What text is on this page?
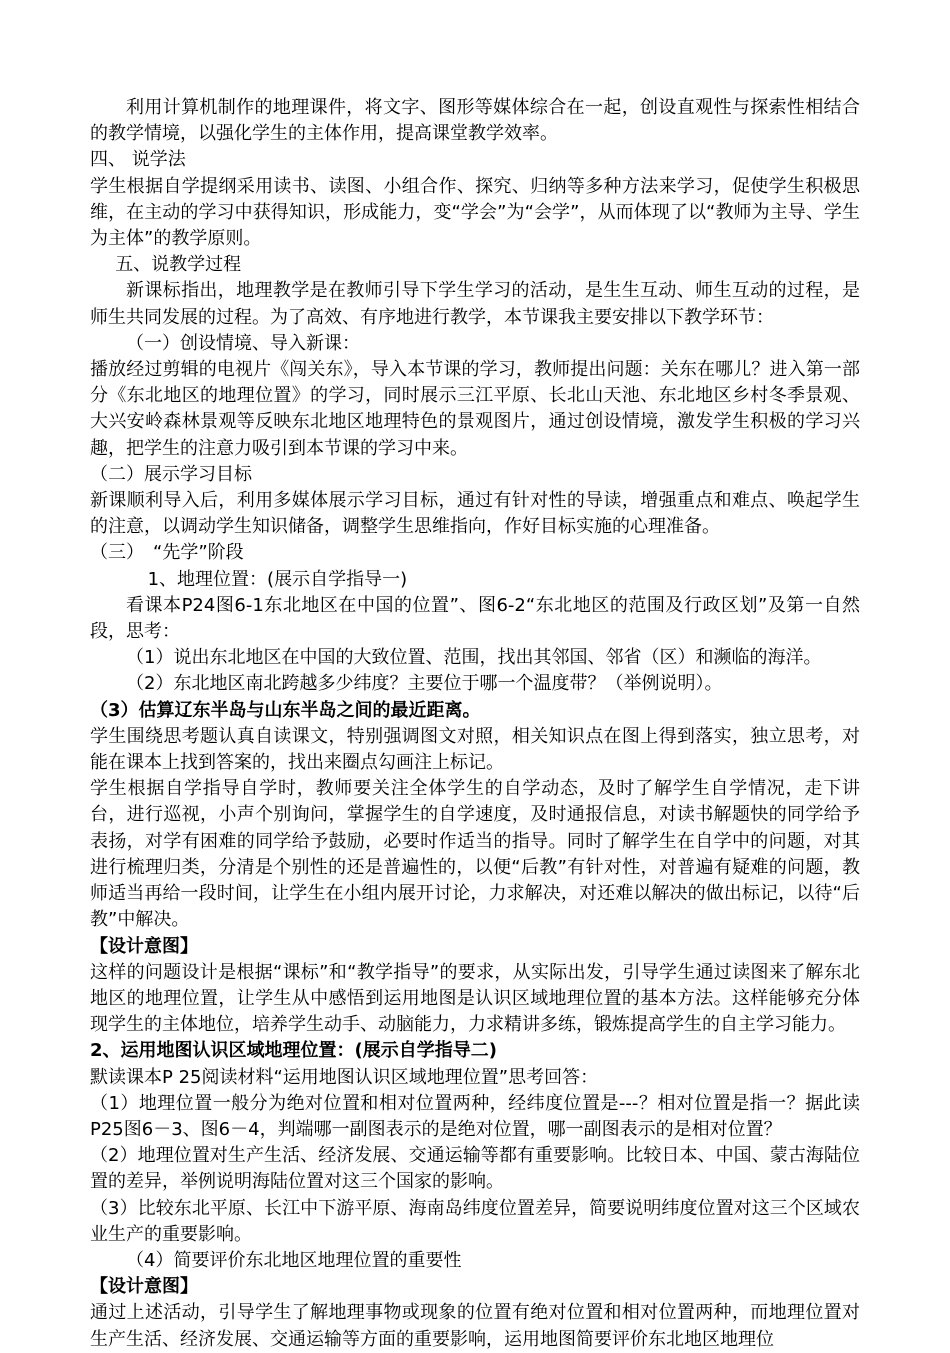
利用计算机制作的地理课件，将文字、图形等媒体综合在一起，创设直观性与探索性相结合的教学情境，以强化学生的主体作用，提高课堂教学效率。

四、 说学法

学生根据自学提纲采用读书、读图、小组合作、探究、归纳等多种方法来学习，促使学生积极思维，在主动的学习中获得知识，形成能力，变“学会”为“会学”，从而体现了以“教师为主导、学生为主体”的教学原则。

五、说教学过程

新课标指出，地理教学是在教师引导下学生学习的活动，是生生互动、师生互动的过程，是师生共同发展的过程。为了高效、有序地进行教学，本节课我主要安排以下教学环节：

（一）创设情境、导入新课：

播放经过剪辑的电视片《闯关东》，导入本节课的学习，教师提出问题：关东在哪儿？进入第一部分《东北地区的地理位置》的学习，同时展示三江平原、长北山天池、东北地区乡村冬季景观、大兴安岭森林景观等反映东北地区地理特色的景观图片，通过创设情境，激发学生积极的学习兴趣，把学生的注意力吸引到本节课的学习中来。

（二）展示学习目标

新课顺利导入后，利用多媒体展示学习目标，通过有针对性的导读，增强重点和难点、唤起学生的注意，以调动学生知识储备，调整学生思维指向，作好目标实施的心理准备。

（三）　“先学”阶段

1、地理位置：(展示自学指导一)

看课本P24图6-1东北地区在中国的位置”、图6-2“东北地区的范围及行政区划”及第一自然段，思考：

（1）说出东北地区在中国的大致位置、范围，找出其邻国、邻省（区）和濒临的海洋。

（2）东北地区南北跨越多少纬度？主要位于哪一个温度带？（举例说明）。

（3）估算辽东半岛与山东半岛之间的最近距离。

学生围绕思考题认真自读课文，特别强调图文对照，相关知识点在图上得到落实，独立思考，对能在课本上找到答案的，找出来圈点勾画注上标记。

学生根据自学指导自学时，教师要关注全体学生的自学动态，及时了解学生自学情况，走下讲台，进行巡视，小声个别询问，掌握学生的自学速度，及时通报信息，对读书解题快的同学给予表扬，对学有困难的同学给予鼓励，必要时作适当的指导。同时了解学生在自学中的问题，对其进行梳理归类，分清是个别性的还是普遍性的，以便“后教”有针对性，对普遍有疑难的问题，教师适当再给一段时间，让学生在小组内展开讨论，力求解决，对还难以解决的做出标记，以待“后教”中解决。

【设计意图】

这样的问题设计是根据“课标”和“教学指导”的要求，从实际出发，引导学生通过读图来了解东北地区的地理位置，让学生从中感悟到运用地图是认识区域地理位置的基本方法。这样能够充分体现学生的主体地位，培养学生动手、动脑能力，力求精讲多练，锻炼提高学生的自主学习能力。

2、运用地图认识区域地理位置：(展示自学指导二)

默读课本P 25阅读材料“运用地图认识区域地理位置”思考回答：

（1）地理位置一般分为绝对位置和相对位置两种，经纬度位置是---？相对位置是指一？据此读P25图6－3、图6－4，判端哪一副图表示的是绝对位置，哪一副图表示的是相对位置？

（2）地理位置对生产生活、经济发展、交通运输等都有重要影响。比较日本、中国、蒙古海陆位置的差异，举例说明海陆位置对这三个国家的影响。

（3）比较东北平原、长江中下游平原、海南岛纬度位置差异，简要说明纬度位置对这三个区域农业生产的重要影响。

（4）简要评价东北地区地理位置的重要性

【设计意图】

通过上述活动，引导学生了解地理事物或现象的位置有绝对位置和相对位置两种，而地理位置对生产生活、经济发展、交通运输等方面的重要影响，运用地图简要评价东北地区地理位
